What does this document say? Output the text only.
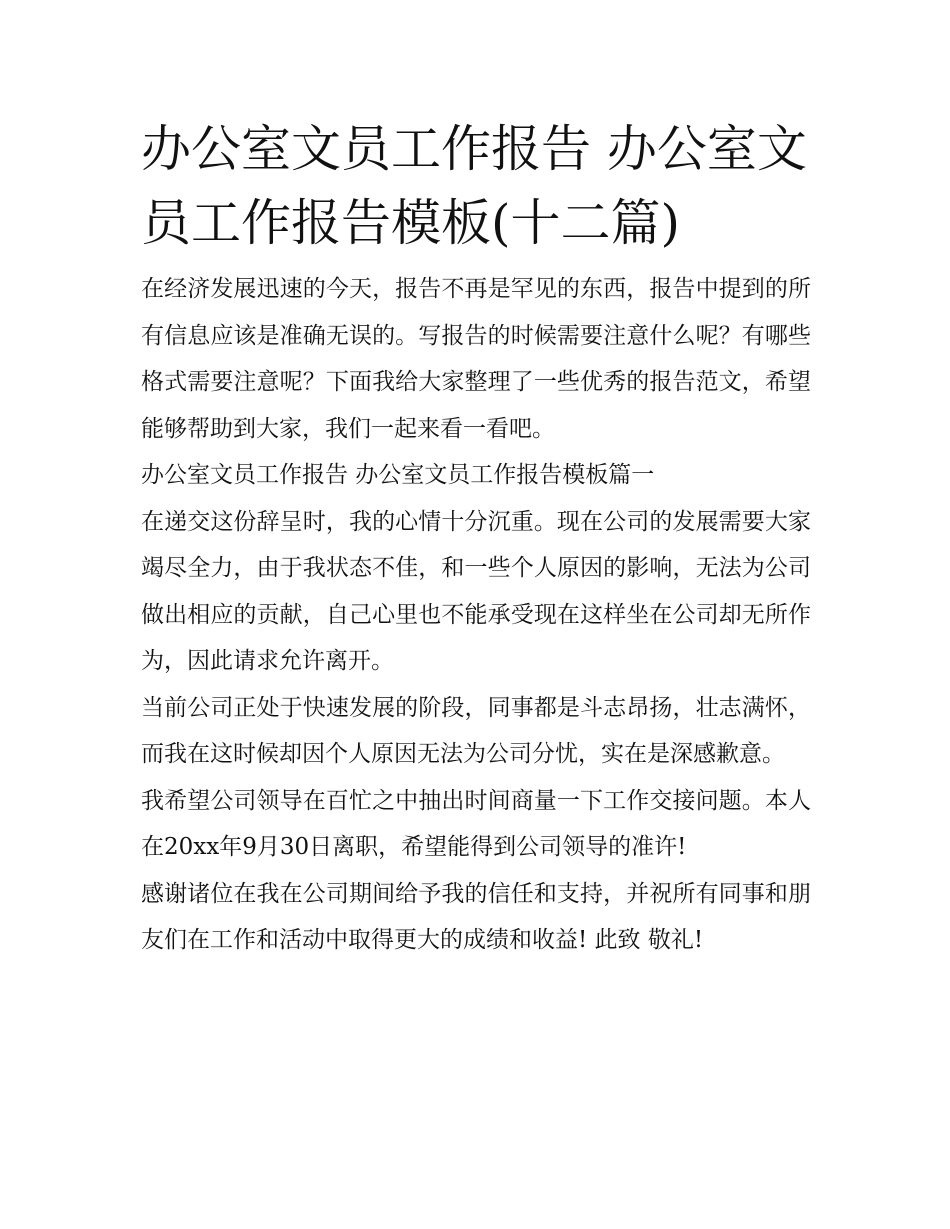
办公室文员工作报告 办公室文员工作报告模板(十二篇)

在经济发展迅速的今天，报告不再是罕见的东西，报告中提到的所有信息应该是准确无误的。写报告的时候需要注意什么呢？有哪些格式需要注意呢？下面我给大家整理了一些优秀的报告范文，希望能够帮助到大家，我们一起来看一看吧。

办公室文员工作报告 办公室文员工作报告模板篇一

在递交这份辞呈时，我的心情十分沉重。现在公司的发展需要大家竭尽全力，由于我状态不佳，和一些个人原因的影响，无法为公司做出相应的贡献，自己心里也不能承受现在这样坐在公司却无所作为，因此请求允许离开。

当前公司正处于快速发展的阶段，同事都是斗志昂扬，壮志满怀，而我在这时候却因个人原因无法为公司分忧，实在是深感歉意。

我希望公司领导在百忙之中抽出时间商量一下工作交接问题。本人在20xx年9月30日离职，希望能得到公司领导的准许!

感谢诸位在我在公司期间给予我的信任和支持，并祝所有同事和朋友们在工作和活动中取得更大的成绩和收益! 此致 敬礼!
